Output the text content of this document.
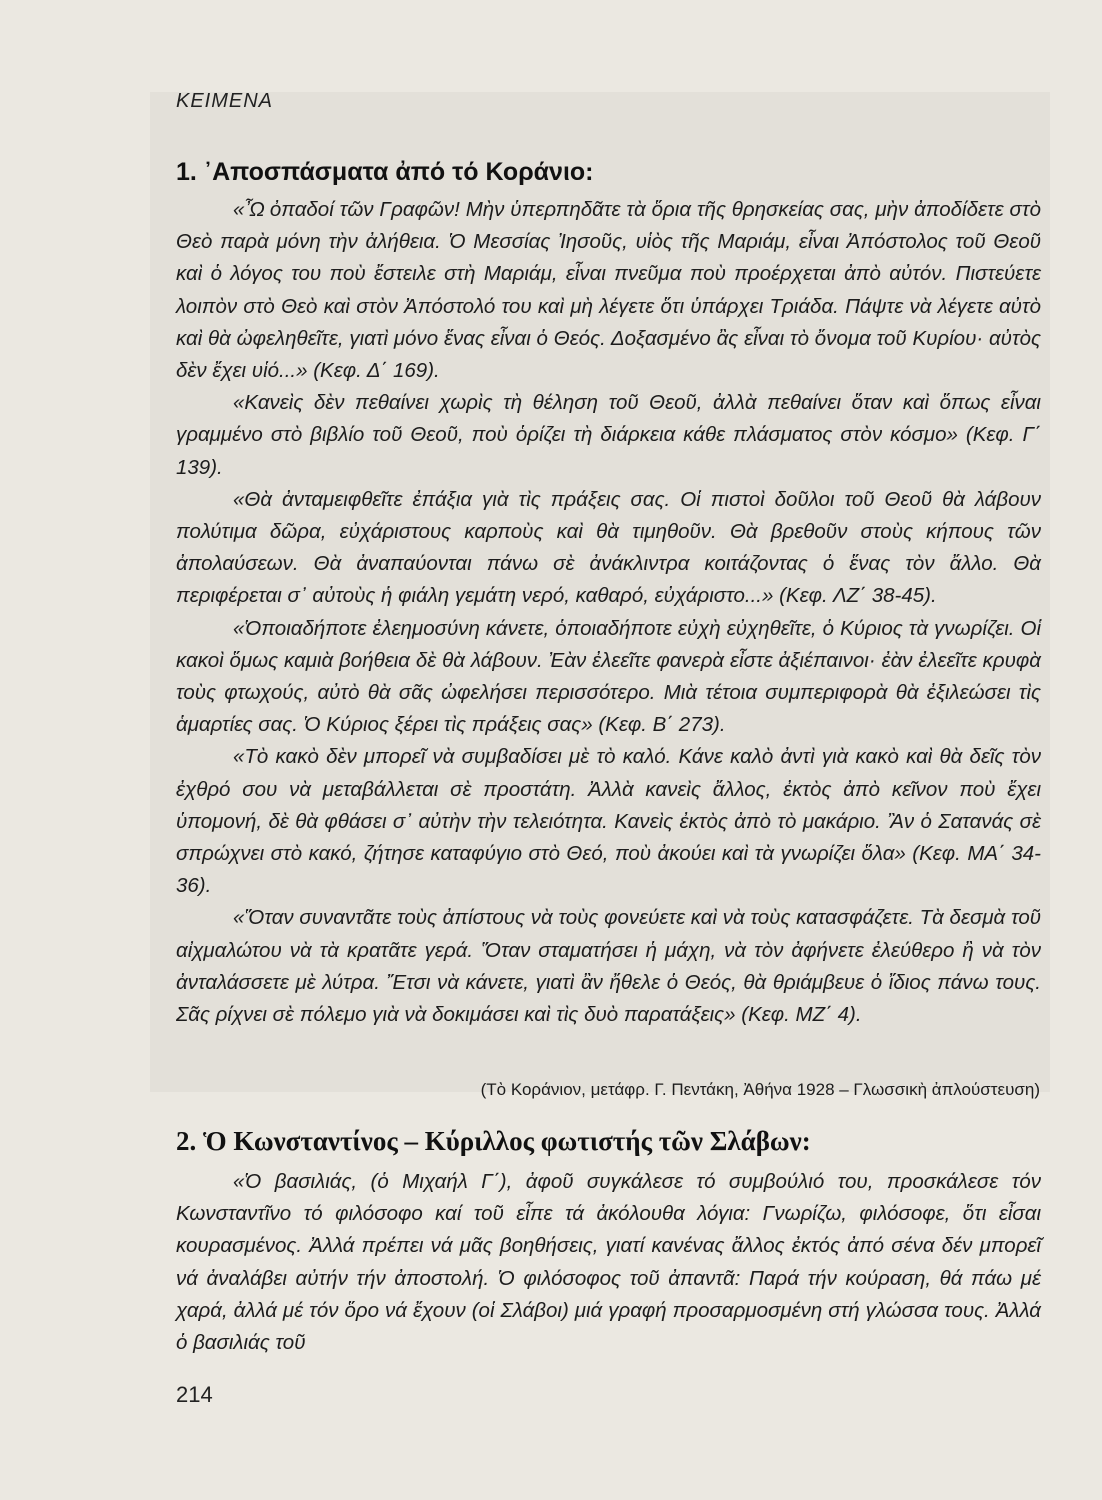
ΚΕΙΜΕΝΑ
1. ᾿Αποσπάσματα ἀπό τό Κοράνιο:

«Ὦ ὀπαδοί τῶν Γραφῶν! Μὴν ὑπερπηδᾶτε τὰ ὅρια τῆς θρησκείας σας, μὴν ἀποδίδετε στὸ Θεὸ παρὰ μόνη τὴν ἀλήθεια. Ὁ Μεσσίας Ἰησοῦς, υἱὸς τῆς Μαριάμ, εἶναι Ἀπόστολος τοῦ Θεοῦ καὶ ὁ λόγος του ποὺ ἔστειλε στὴ Μαριάμ, εἶναι πνεῦμα ποὺ προέρχεται ἀπὸ αὐτόν. Πιστεύετε λοιπὸν στὸ Θεὸ καὶ στὸν Ἀπόστολό του καὶ μὴ λέγετε ὅτι ὑπάρχει Τριάδα. Πάψτε νὰ λέγετε αὐτὸ καὶ θὰ ὠφεληθεῖτε, γιατὶ μόνο ἕνας εἶναι ὁ Θεός. Δοξασμένο ἂς εἶναι τὸ ὄνομα τοῦ Κυρίου· αὐτὸς δὲν ἔχει υἱό...» (Κεφ. Δ΄ 169).

«Κανεὶς δὲν πεθαίνει χωρὶς τὴ θέληση τοῦ Θεοῦ, ἀλλὰ πεθαίνει ὅταν καὶ ὅπως εἶναι γραμμένο στὸ βιβλίο τοῦ Θεοῦ, ποὺ ὁρίζει τὴ διάρκεια κάθε πλάσματος στὸν κόσμο» (Κεφ. Γ΄ 139).

«Θὰ ἀνταμειφθεῖτε ἐπάξια γιὰ τὶς πράξεις σας. Οἱ πιστοὶ δοῦλοι τοῦ Θεοῦ θὰ λάβουν πολύτιμα δῶρα, εὐχάριστους καρποὺς καὶ θὰ τιμηθοῦν. Θὰ βρεθοῦν στοὺς κήπους τῶν ἀπολαύσεων. Θὰ ἀναπαύονται πάνω σὲ ἀνάκλιντρα κοιτάζοντας ὁ ἕνας τὸν ἄλλο. Θὰ περιφέρεται σ᾿ αὐτοὺς ἡ φιάλη γεμάτη νερό, καθαρό, εὐχάριστο...» (Κεφ. ΛΖ΄ 38-45).

«Ὁποιαδήποτε ἐλεημοσύνη κάνετε, ὁποιαδήποτε εὐχὴ εὐχηθεῖτε, ὁ Κύριος τὰ γνωρίζει. Οἱ κακοὶ ὅμως καμιὰ βοήθεια δὲ θὰ λάβουν. Ἐὰν ἐλεεῖτε φανερὰ εἶστε ἀξιέπαινοι· ἐὰν ἐλεεῖτε κρυφὰ τοὺς φτωχούς, αὐτὸ θὰ σᾶς ὠφελήσει περισσότερο. Μιὰ τέτοια συμπεριφορὰ θὰ ἐξιλεώσει τὶς ἁμαρτίες σας. Ὁ Κύριος ξέρει τὶς πράξεις σας» (Κεφ. Β΄ 273).

«Τὸ κακὸ δὲν μπορεῖ νὰ συμβαδίσει μὲ τὸ καλό. Κάνε καλὸ ἀντὶ γιὰ κακὸ καὶ θὰ δεῖς τὸν ἐχθρό σου νὰ μεταβάλλεται σὲ προστάτη. Ἀλλὰ κανεὶς ἄλλος, ἐκτὸς ἀπὸ κεῖνον ποὺ ἔχει ὑπομονή, δὲ θὰ φθάσει σ᾿ αὐτὴν τὴν τελειότητα. Κανεὶς ἐκτὸς ἀπὸ τὸ μακάριο. Ἂν ὁ Σατανάς σὲ σπρώχνει στὸ κακό, ζήτησε καταφύγιο στὸ Θεό, ποὺ ἀκούει καὶ τὰ γνωρίζει ὅλα» (Κεφ. ΜΑ΄ 34-36).

«Ὅταν συναντᾶτε τοὺς ἀπίστους νὰ τοὺς φονεύετε καὶ νὰ τοὺς κατασφάζετε. Τὰ δεσμὰ τοῦ αἰχμαλώτου νὰ τὰ κρατᾶτε γερά. Ὅταν σταματήσει ἡ μάχη, νὰ τὸν ἀφήνετε ἐλεύθερο ἢ νὰ τὸν ἀνταλάσσετε μὲ λύτρα. Ἔτσι νὰ κάνετε, γιατὶ ἂν ἤθελε ὁ Θεός, θὰ θριάμβευε ὁ ἴδιος πάνω τους. Σᾶς ρίχνει σὲ πόλεμο γιὰ νὰ δοκιμάσει καὶ τὶς δυὸ παρατάξεις» (Κεφ. ΜΖ΄ 4).

(Τὸ Κοράνιον, μετάφρ. Γ. Πεντάκη, Ἀθήνα 1928 – Γλωσσικὴ ἀπλούστευση)
2. Ὁ Κωνσταντίνος – Κύριλλος φωτιστής τῶν Σλάβων:

«Ὁ βασιλιάς, (ὁ Μιχαήλ Γ΄), ἀφοῦ συγκάλεσε τό συμβούλιό του, προσκάλεσε τόν Κωνσταντῖνο τό φιλόσοφο καί τοῦ εἶπε τά ἀκόλουθα λόγια: Γνωρίζω, φιλόσοφε, ὅτι εἶσαι κουρασμένος. Ἀλλά πρέπει νά μᾶς βοηθήσεις, γιατί κανένας ἄλλος ἐκτός ἀπό σένα δέν μπορεῖ νά ἀναλάβει αὐτήν τήν ἀποστολή. Ὁ φιλόσοφος τοῦ ἀπαντᾶ: Παρά τήν κούραση, θά πάω μέ χαρά, ἀλλά μέ τόν ὅρο νά ἔχουν (οἱ Σλάβοι) μιά γραφή προσαρμοσμένη στή γλώσσα τους. Ἀλλά ὁ βασιλιάς τοῦ

214
